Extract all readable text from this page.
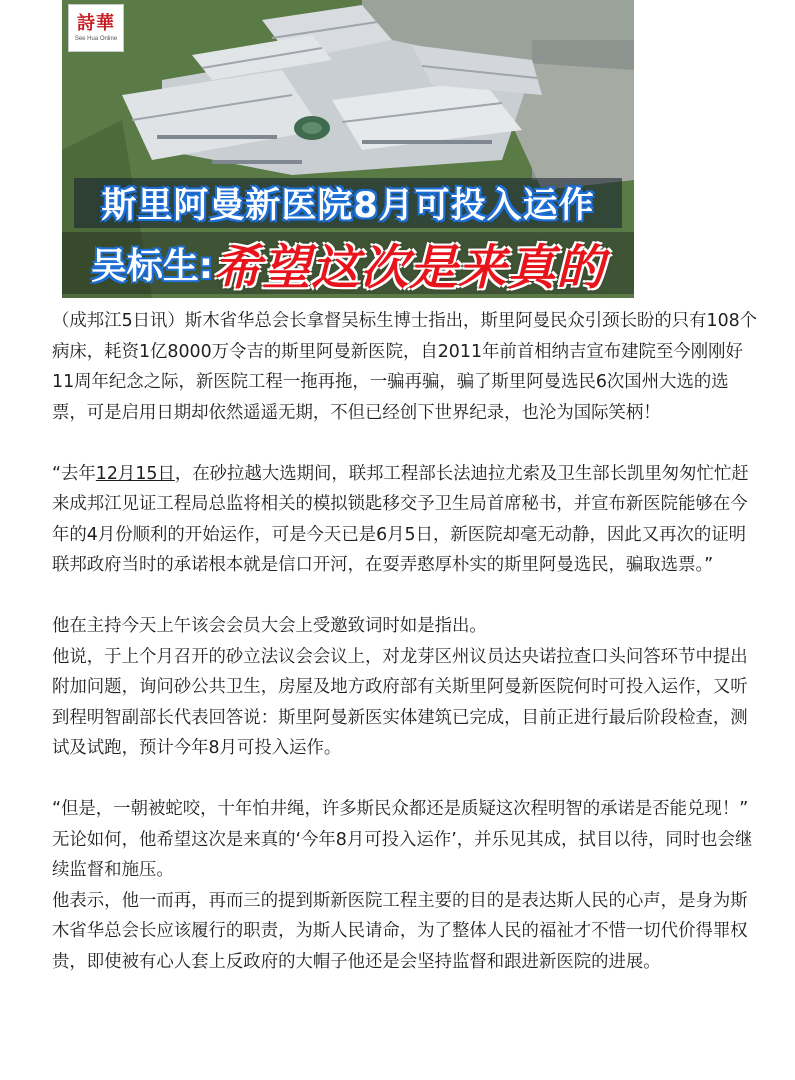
詩華
See Hua Online
斯里阿曼新医院8月可投入运作
吴标生: 希望这次是来真的

（成邦江5日讯）斯木省华总会长拿督吴标生博士指出，斯里阿曼民众引颈长盼的只有108个病床，耗资1亿8000万令吉的斯里阿曼新医院，自2011年前首相纳吉宣布建院至今刚刚好11周年纪念之际，新医院工程一拖再拖，一骗再骗，骗了斯里阿曼选民6次国州大选的选票，可是启用日期却依然遥遥无期，不但已经创下世界纪录，也沦为国际笑柄！

“去年12月15日，在砂拉越大选期间，联邦工程部长法迪拉尤索及卫生部长凯里匆匆忙忙赶来成邦江见证工程局总监将相关的模拟锁匙移交予卫生局首席秘书，并宣布新医院能够在今年的4月份顺利的开始运作，可是今天已是6月5日，新医院却毫无动静，因此又再次的证明联邦政府当时的承诺根本就是信口开河，在耍弄憨厚朴实的斯里阿曼选民，骗取选票。”

他在主持今天上午该会会员大会上受邀致词时如是指出。

他说，于上个月召开的砂立法议会会议上，对龙芽区州议员达央诺拉查口头问答环节中提出附加问题，询问砂公共卫生，房屋及地方政府部有关斯里阿曼新医院何时可投入运作，又听到程明智副部长代表回答说：斯里阿曼新医实体建筑已完成，目前正进行最后阶段检查，测试及试跑，预计今年8月可投入运作。

“但是，一朝被蛇咬，十年怕井绳，许多斯民众都还是质疑这次程明智的承诺是否能兑现！”

无论如何，他希望这次是来真的‘今年8月可投入运作’，并乐见其成，拭目以待，同时也会继续监督和施压。

他表示，他一而再，再而三的提到斯新医院工程主要的目的是表达斯人民的心声，是身为斯木省华总会长应该履行的职责，为斯人民请命，为了整体人民的福祉才不惜一切代价得罪权贵，即使被有心人套上反政府的大帽子他还是会坚持监督和跟进新医院的进展。
